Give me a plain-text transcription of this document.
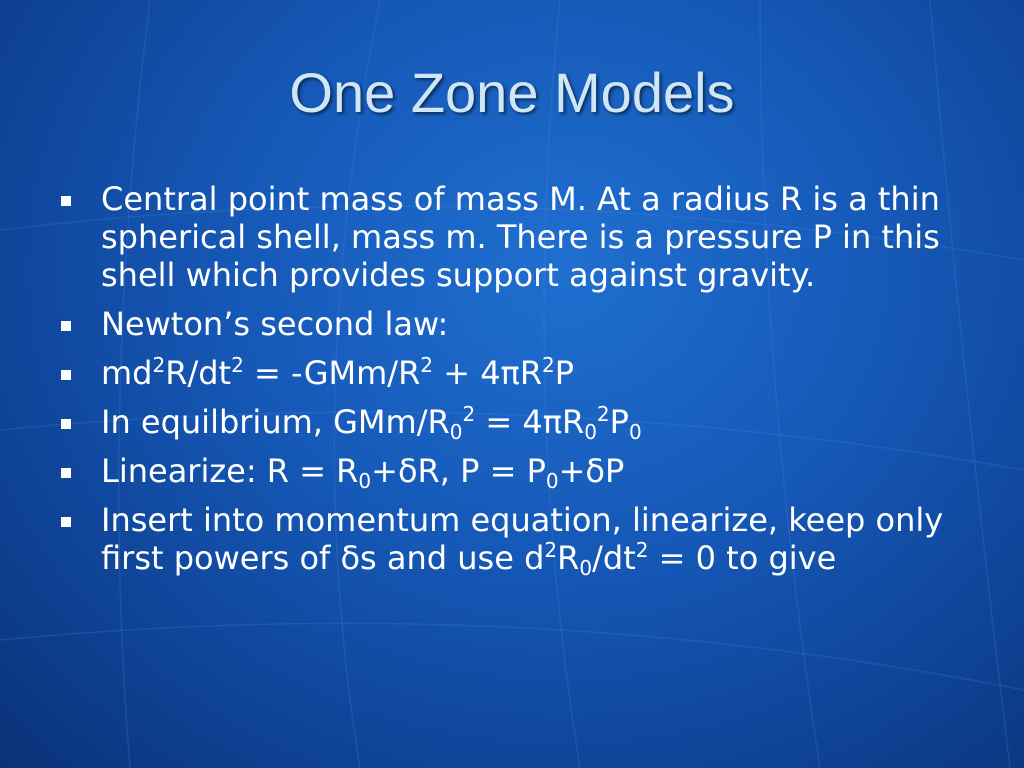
One Zone Models
Central point mass of mass M. At a radius R is a thin spherical shell, mass m. There is a pressure P in this shell which provides support against gravity.
Newton’s second law:
$md^2R/dt^2 = -GMm/R^2 + 4\pi R^2P$
In equilbrium, GMm/$R_0^2 = 4\pi R_0^2P_0$
Linearize: $R = R_0+\delta R$, $P = P_0+\delta P$
Insert into momentum equation, linearize, keep only first powers of δs and use $d^2R_0/dt^2 = 0$ to give
